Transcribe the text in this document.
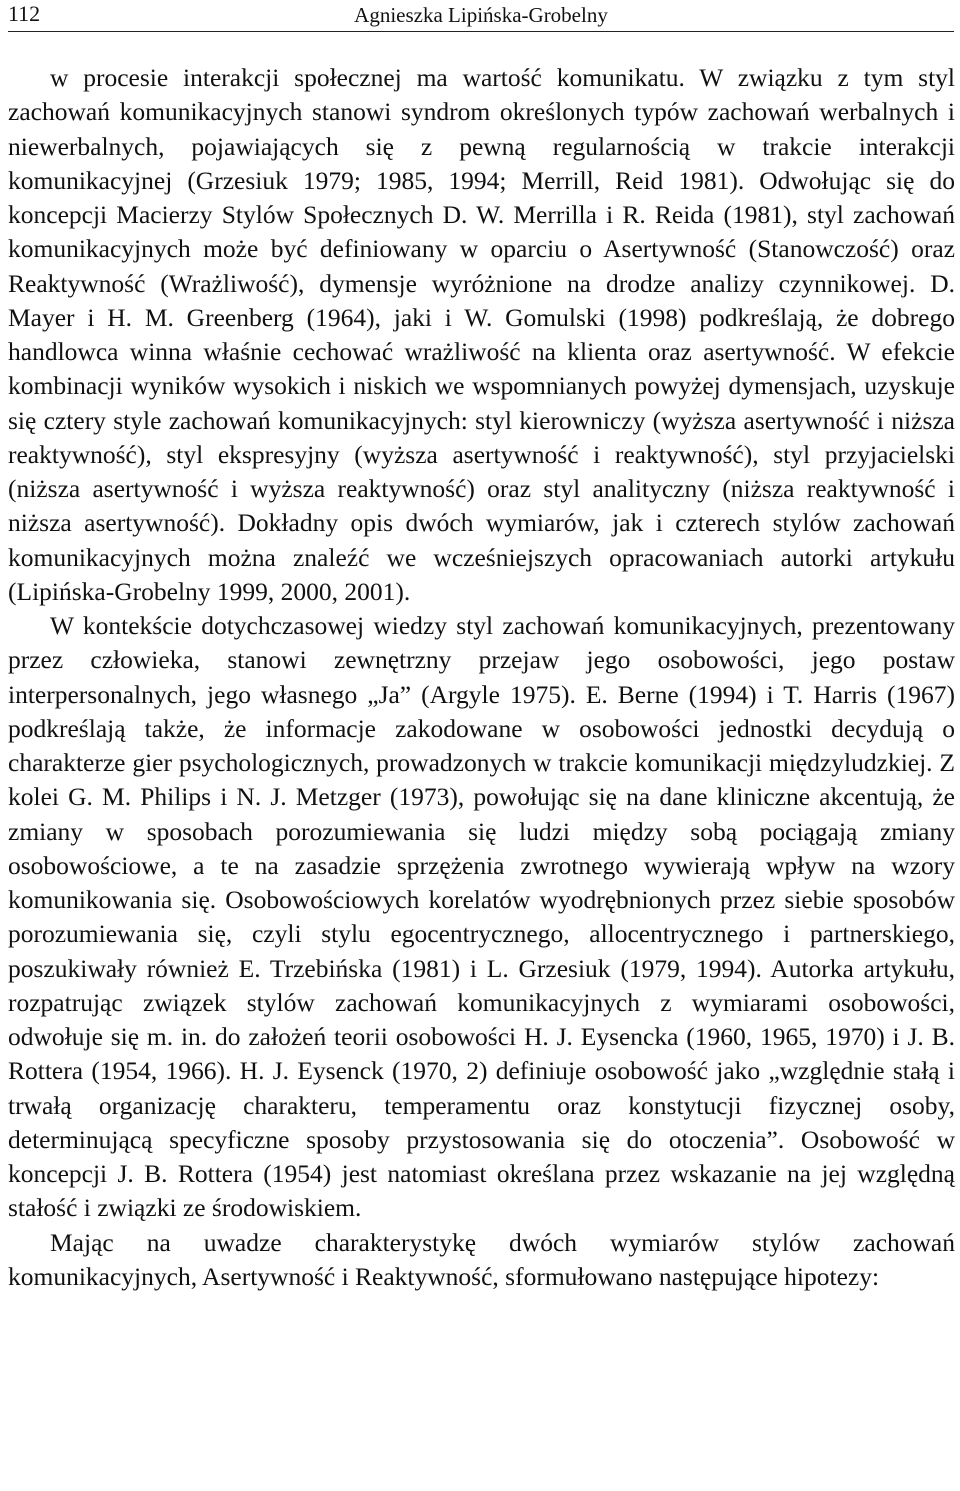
112	Agnieszka Lipińska-Grobelny

w procesie interakcji społecznej ma wartość komunikatu. W związku z tym styl zachowań komunikacyjnych stanowi syndrom określonych typów zachowań werbalnych i niewerbalnych, pojawiających się z pewną regularnością w trakcie interakcji komunikacyjnej (Grzesiuk 1979; 1985, 1994; Merrill, Reid 1981). Odwołując się do koncepcji Macierzy Stylów Społecznych D. W. Merrilla i R. Reida (1981), styl zachowań komunikacyjnych może być definiowany w oparciu o Asertywność (Stanowczość) oraz Reaktywność (Wrażliwość), dymensje wyróżnione na drodze analizy czynnikowej. D. Mayer i H. M. Greenberg (1964), jaki i W. Gomulski (1998) podkreślają, że dobrego handlowca winna właśnie cechować wrażliwość na klienta oraz asertywność. W efekcie kombinacji wyników wysokich i niskich we wspomnianych powyżej dymensjach, uzyskuje się cztery style zachowań komunikacyjnych: styl kierowniczy (wyższa asertywność i niższa reaktywność), styl ekspresyjny (wyższa asertywność i reaktywność), styl przyjacielski (niższa asertywność i wyższa reaktywność) oraz styl analityczny (niższa reaktywność i niższa asertywność). Dokładny opis dwóch wymiarów, jak i czterech stylów zachowań komunikacyjnych można znaleźć we wcześniejszych opracowaniach autorki artykułu (Lipińska-Grobelny 1999, 2000, 2001).

W kontekście dotychczasowej wiedzy styl zachowań komunikacyjnych, prezentowany przez człowieka, stanowi zewnętrzny przejaw jego osobowości, jego postaw interpersonalnych, jego własnego „Ja” (Argyle 1975). E. Berne (1994) i T. Harris (1967) podkreślają także, że informacje zakodowane w osobowości jednostki decydują o charakterze gier psychologicznych, prowadzonych w trakcie komunikacji międzyludzkiej. Z kolei G. M. Philips i N. J. Metzger (1973), powołując się na dane kliniczne akcentują, że zmiany w sposobach porozumiewania się ludzi między sobą pociągają zmiany osobowościowe, a te na zasadzie sprzężenia zwrotnego wywierają wpływ na wzory komunikowania się. Osobowościowych korelatów wyodrębnionych przez siebie sposobów porozumiewania się, czyli stylu egocentrycznego, allocentrycznego i partnerskiego, poszukiwały również E. Trzebińska (1981) i L. Grzesiuk (1979, 1994). Autorka artykułu, rozpatrując związek stylów zachowań komunikacyjnych z wymiarami osobowości, odwołuje się m. in. do założeń teorii osobowości H. J. Eysencka (1960, 1965, 1970) i J. B. Rottera (1954, 1966). H. J. Eysenck (1970, 2) definiuje osobowość jako „względnie stałą i trwałą organizację charakteru, temperamentu oraz konstytucji fizycznej osoby, determinującą specyficzne sposoby przystosowania się do otoczenia”. Osobowość w koncepcji J. B. Rottera (1954) jest natomiast określana przez wskazanie na jej względną stałość i związki ze środowiskiem.

Mając na uwadze charakterystykę dwóch wymiarów stylów zachowań komunikacyjnych, Asertywność i Reaktywność, sformułowano następujące hipotezy:
